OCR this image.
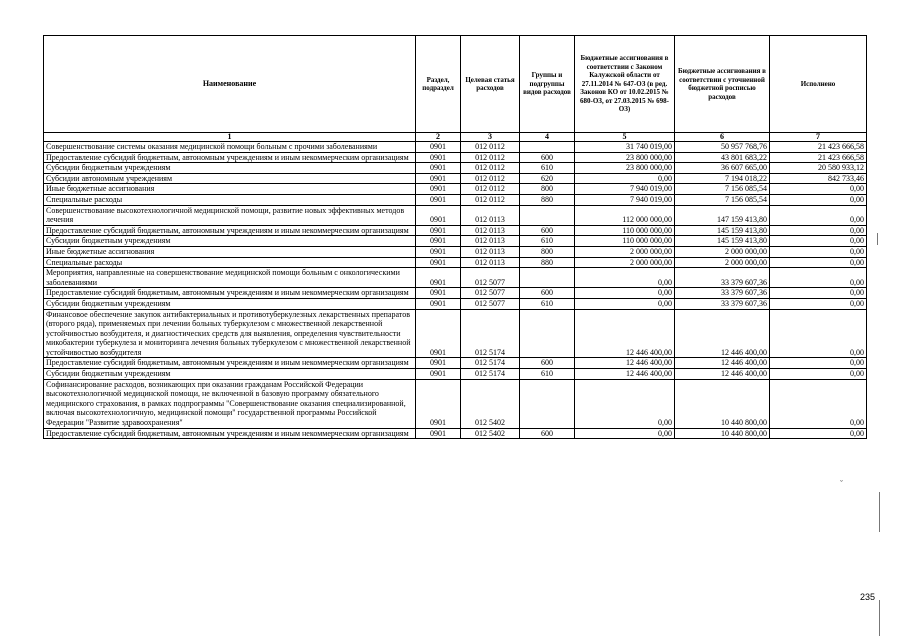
Наименование	Раздел, подраздел	Целевая статья расходов	Группы и подгруппы видов расходов	Бюджетные ассигнования в соответствии с Законом Калужской области от 27.11.2014 № 647-ОЗ (в ред. Законов КО от 10.02.2015 № 680-ОЗ, от 27.03.2015 № 698-ОЗ)	Бюджетные ассигнования в соответствии с уточненной бюджетной росписью расходов	Исполнено
1	2	3	4	5	6	7
Совершенствование системы оказания медицинской помощи больным с прочими заболеваниями	0901	012 0112		31 740 019,00	50 957 768,76	21 423 666,58
Предоставление субсидий бюджетным, автономным учреждениям и иным некоммерческим организациям	0901	012 0112	600	23 800 000,00	43 801 683,22	21 423 666,58
Субсидии бюджетным учреждениям	0901	012 0112	610	23 800 000,00	36 607 665,00	20 580 933,12
Субсидии автономным учреждениям	0901	012 0112	620	0,00	7 194 018,22	842 733,46
Иные бюджетные ассигнования	0901	012 0112	800	7 940 019,00	7 156 085,54	0,00
Специальные расходы	0901	012 0112	880	7 940 019,00	7 156 085,54	0,00
Совершенствование высокотехнологичной медицинской помощи, развитие новых эффективных методов лечения	0901	012 0113		112 000 000,00	147 159 413,80	0,00
Предоставление субсидий бюджетным, автономным учреждениям и иным некоммерческим организациям	0901	012 0113	600	110 000 000,00	145 159 413,80	0,00
Субсидии бюджетным учреждениям	0901	012 0113	610	110 000 000,00	145 159 413,80	0,00
Иные бюджетные ассигнования	0901	012 0113	800	2 000 000,00	2 000 000,00	0,00
Специальные расходы	0901	012 0113	880	2 000 000,00	2 000 000,00	0,00
Мероприятия, направленные на совершенствование медицинской помощи больным с онкологическими заболеваниями	0901	012 5077		0,00	33 379 607,36	0,00
Предоставление субсидий бюджетным, автономным учреждениям и иным некоммерческим организациям	0901	012 5077	600	0,00	33 379 607,36	0,00
Субсидии бюджетным учреждениям	0901	012 5077	610	0,00	33 379 607,36	0,00
Финансовое обеспечение закупок антибактериальных и противотуберкулезных лекарственных препаратов (второго ряда), применяемых при лечении больных туберкулезом с множественной лекарственной устойчивостью возбудителя, и диагностических средств для выявления, определения чувствительности микобактерии туберкулеза и мониторинга лечения больных туберкулезом с множественной лекарственной устойчивостью возбудителя	0901	012 5174		12 446 400,00	12 446 400,00	0,00
Предоставление субсидий бюджетным, автономным учреждениям и иным некоммерческим организациям	0901	012 5174	600	12 446 400,00	12 446 400,00	0,00
Субсидии бюджетным учреждениям	0901	012 5174	610	12 446 400,00	12 446 400,00	0,00
Софинансирование расходов, возникающих при оказании гражданам Российской Федерации высокотехнологичной медицинской помощи, не включенной в базовую программу обязательного медицинского страхования, в рамках подпрограммы "Совершенствование оказания специализированной, включая высокотехнологичную, медицинской помощи" государственной программы Российской Федерации "Развитие здравоохранения"	0901	012 5402		0,00	10 440 800,00	0,00
Предоставление субсидий бюджетным, автономным учреждениям и иным некоммерческим организациям	0901	012 5402	600	0,00	10 440 800,00	0,00
235
ˇ
